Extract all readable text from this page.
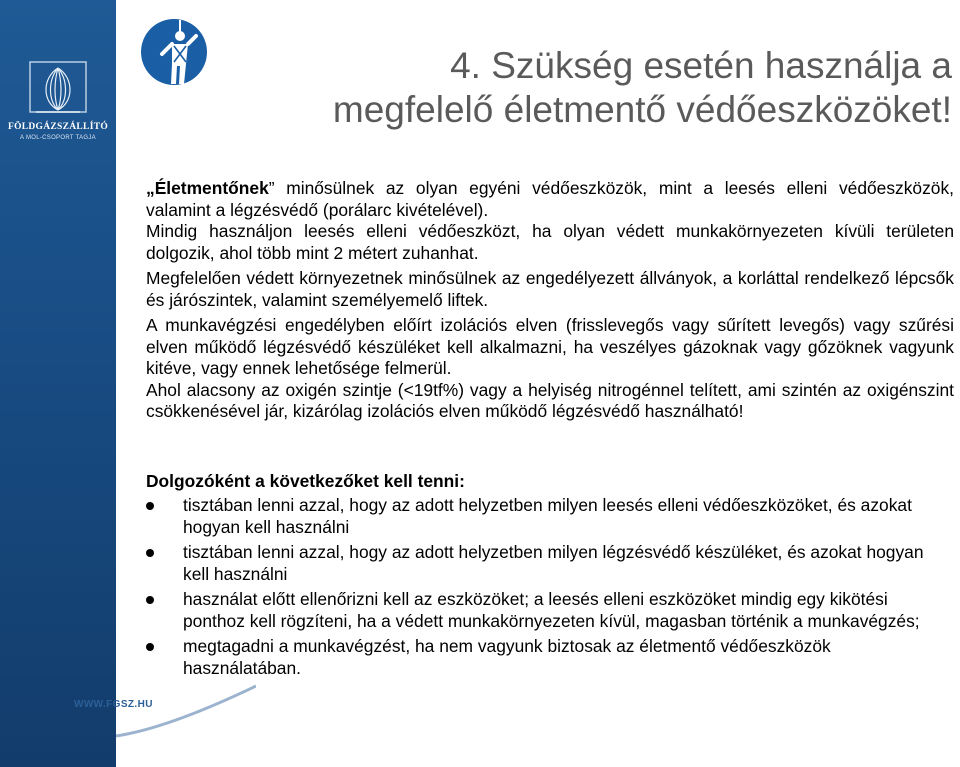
FÖLDGÁZSZÁLLÍTÓ
A MOL-CSOPORT TAGJA
WWW.FGSZ.HU
4. Szükség esetén használja a
megfelelő életmentő védőeszközöket!

„Életmentőnek” minősülnek az olyan egyéni védőeszközök, mint a leesés elleni védőeszközök, valamint a légzésvédő (porálarc kivételével).

Mindig használjon leesés elleni védőeszközt, ha olyan védett munkakörnyezeten kívüli területen dolgozik, ahol több mint 2 métert zuhanhat.

Megfelelően védett környezetnek minősülnek az engedélyezett állványok, a korláttal rendelkező lépcsők és járószintek, valamint személyemelő liftek.

A munkavégzési engedélyben előírt izolációs elven (frisslevegős vagy sűrített levegős) vagy szűrési elven működő légzésvédő készüléket kell alkalmazni, ha veszélyes gázoknak vagy gőzöknek vagyunk kitéve, vagy ennek lehetősége felmerül.

Ahol alacsony az oxigén szintje (<19tf%) vagy a helyiség nitrogénnel telített, ami szintén az oxigénszint csökkenésével jár, kizárólag izolációs elven működő légzésvédő használható!

Dolgozóként a következőket kell tenni:
tisztában lenni azzal, hogy az adott helyzetben milyen leesés elleni védőeszközöket, és azokat hogyan kell használni
tisztában lenni azzal, hogy az adott helyzetben milyen légzésvédő készüléket, és azokat hogyan kell használni
használat előtt ellenőrizni kell az eszközöket; a leesés elleni eszközöket mindig egy kikötési ponthoz kell rögzíteni, ha a védett munkakörnyezeten kívül, magasban történik a munkavégzés;
megtagadni a munkavégzést, ha nem vagyunk biztosak az életmentő védőeszközök használatában.
